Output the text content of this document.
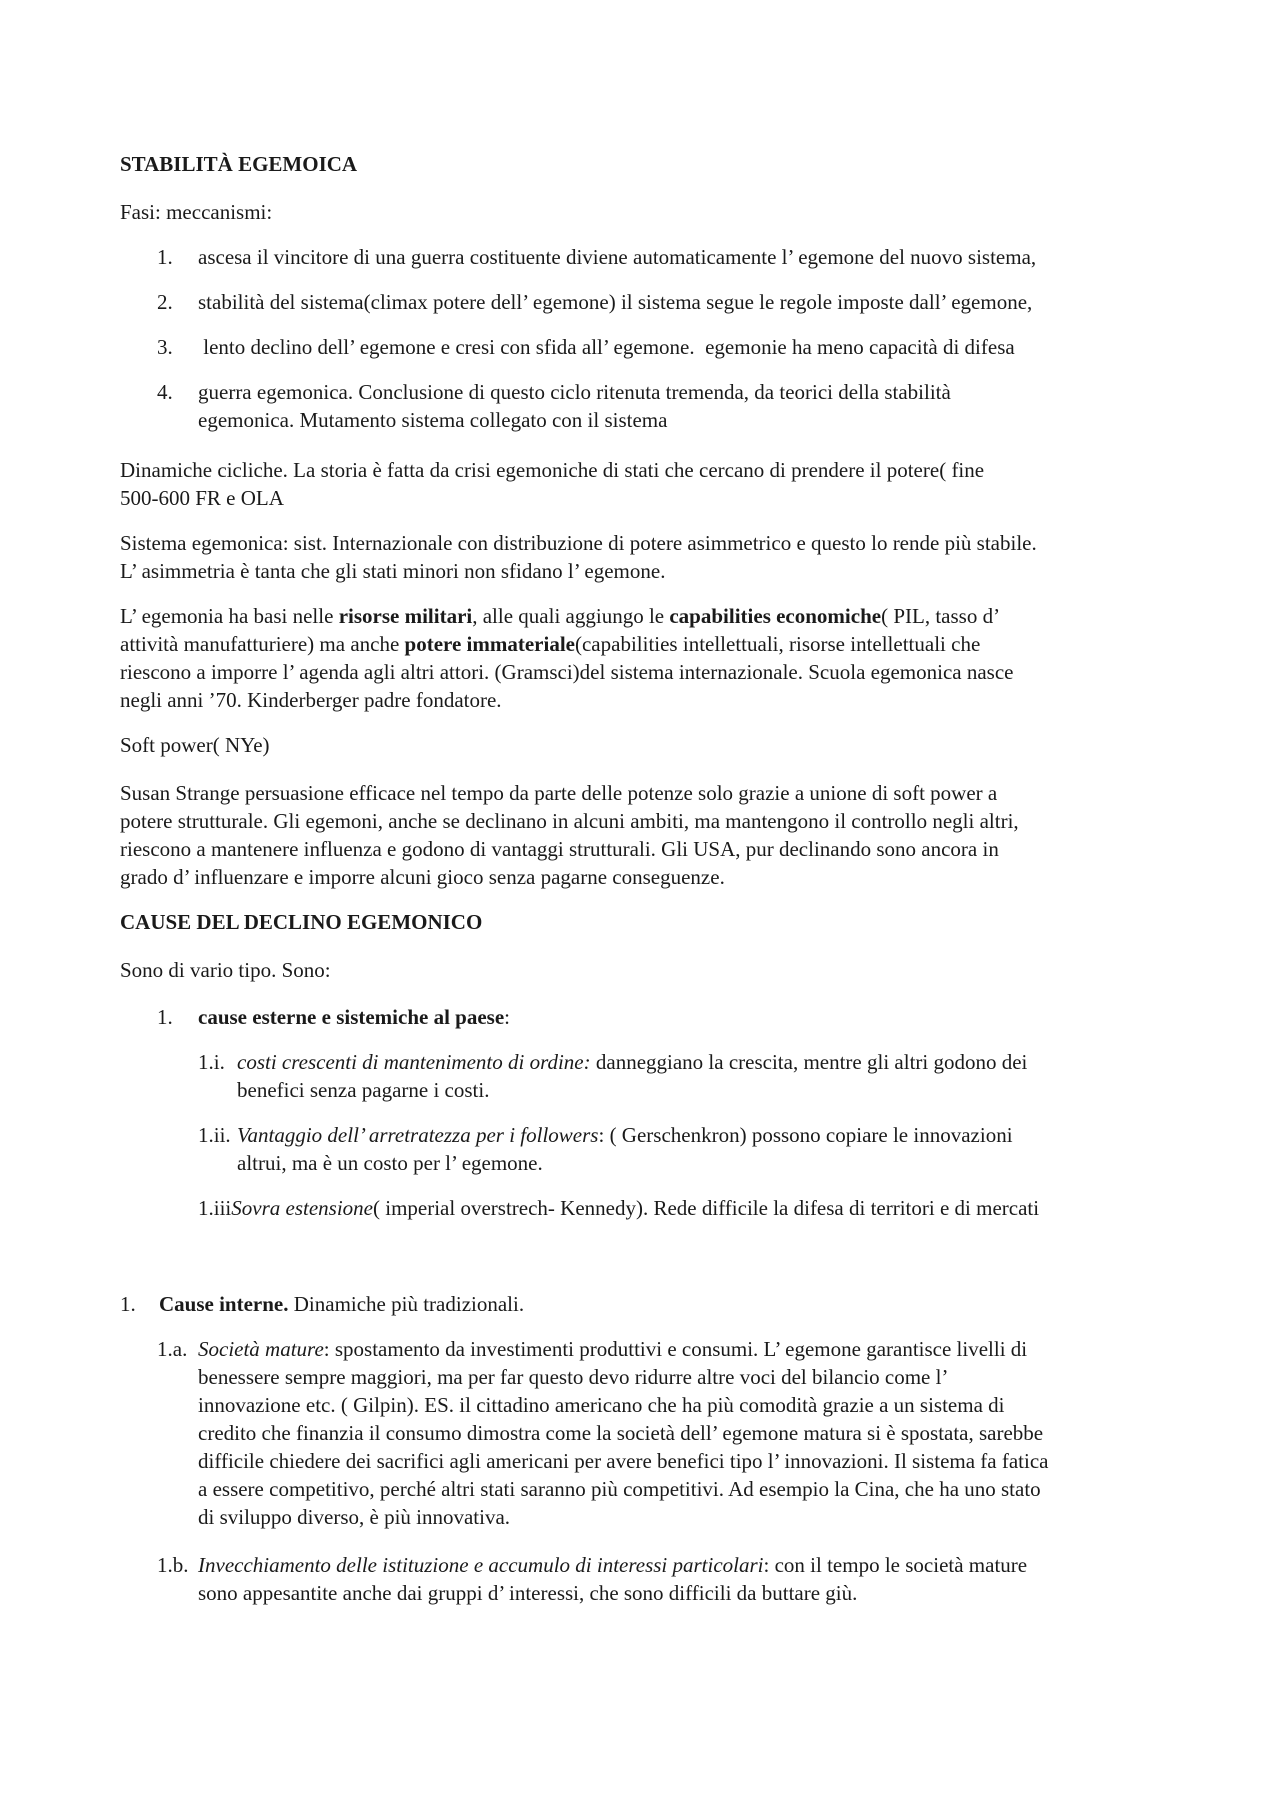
STABILITÀ EGEMOICA
Fasi: meccanismi:
1. ascesa il vincitore di una guerra costituente diviene automaticamente l’ egemone del nuovo sistema,
2. stabilità del sistema(climax potere dell’ egemone) il sistema segue le regole imposte dall’ egemone,
3. lento declino dell’ egemone e cresi con sfida all’ egemone.  egemonie ha meno capacità di difesa
4. guerra egemonica. Conclusione di questo ciclo ritenuta tremenda, da teorici della stabilità
egemonica. Mutamento sistema collegato con il sistema
Dinamiche cicliche. La storia è fatta da crisi egemoniche di stati che cercano di prendere il potere( fine
500-600 FR e OLA
Sistema egemonica: sist. Internazionale con distribuzione di potere asimmetrico e questo lo rende più stabile.
L’ asimmetria è tanta che gli stati minori non sfidano l’ egemone.
L’ egemonia ha basi nelle risorse militari, alle quali aggiungo le capabilities economiche( PIL, tasso d’
attività manufatturiere) ma anche potere immateriale(capabilities intellettuali, risorse intellettuali che
riescono a imporre l’ agenda agli altri attori. (Gramsci)del sistema internazionale. Scuola egemonica nasce
negli anni ’70. Kinderberger padre fondatore.
Soft power( NYe)
Susan Strange persuasione efficace nel tempo da parte delle potenze solo grazie a unione di soft power a
potere strutturale. Gli egemoni, anche se declinano in alcuni ambiti, ma mantengono il controllo negli altri,
riescono a mantenere influenza e godono di vantaggi strutturali. Gli USA, pur declinando sono ancora in
grado d’ influenzare e imporre alcuni gioco senza pagarne conseguenze.
CAUSE DEL DECLINO EGEMONICO
Sono di vario tipo. Sono:
1. cause esterne e sistemiche al paese:
1.i. costi crescenti di mantenimento di ordine: danneggiano la crescita, mentre gli altri godono dei
benefici senza pagarne i costi.
1.ii. Vantaggio dell’ arretratezza per i followers: ( Gerschenkron) possono copiare le innovazioni
altrui, ma è un costo per l’ egemone.
1.iiiSovra estensione( imperial overstrech- Kennedy). Rede difficile la difesa di territori e di mercati
1. Cause interne. Dinamiche più tradizionali.
1.a. Società mature: spostamento da investimenti produttivi e consumi. L’ egemone garantisce livelli di
benessere sempre maggiori, ma per far questo devo ridurre altre voci del bilancio come l’
innovazione etc. ( Gilpin). ES. il cittadino americano che ha più comodità grazie a un sistema di
credito che finanzia il consumo dimostra come la società dell’ egemone matura si è spostata, sarebbe
difficile chiedere dei sacrifici agli americani per avere benefici tipo l’ innovazioni. Il sistema fa fatica
a essere competitivo, perché altri stati saranno più competitivi. Ad esempio la Cina, che ha uno stato
di sviluppo diverso, è più innovativa.
1.b. Invecchiamento delle istituzione e accumulo di interessi particolari: con il tempo le società mature
sono appesantite anche dai gruppi d’ interessi, che sono difficili da buttare giù.
